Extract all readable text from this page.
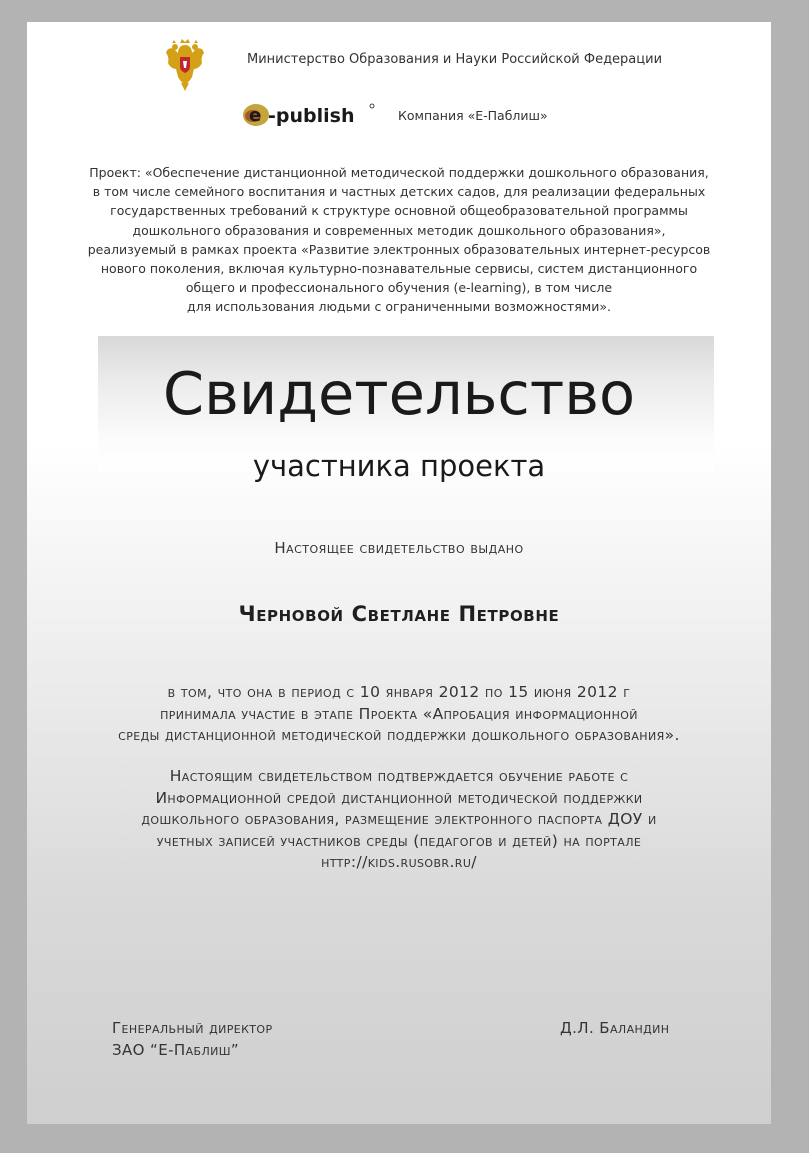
Министерство Образования и Науки Российской Федерации
e -publish	Компания «Е-Паблиш»
Проект: «Обеспечение дистанционной методической поддержки дошкольного образования,
в том числе семейного воспитания и частных детских садов, для реализации федеральных
государственных требований к структуре основной общеобразовательной программы
дошкольного образования и современных методик дошкольного образования»,
реализуемый в рамках проекта «Развитие электронных образовательных интернет-ресурсов
нового поколения, включая культурно-познавательные сервисы, систем дистанционного
общего и профессионального обучения (e-learning), в том числе
для использования людьми с ограниченными возможностями».
Свидетельство
участника проекта
Настоящее свидетельство выдано
Черновой Светлане Петровне
в том, что она в период с 10 января 2012 по 15 июня 2012 г
принимала участие в этапе Проекта «Апробация информационной
среды дистанционной методической поддержки дошкольного образования».
Настоящим свидетельством подтверждается обучение работе с
Информационной средой дистанционной методической поддержки
дошкольного образования, размещение электронного паспорта ДОУ и
учетных записей участников среды (педагогов и детей) на портале
http://kids.rusobr.ru/
Генеральный директор
ЗАО “Е-Паблиш”
Д.Л. Баландин
